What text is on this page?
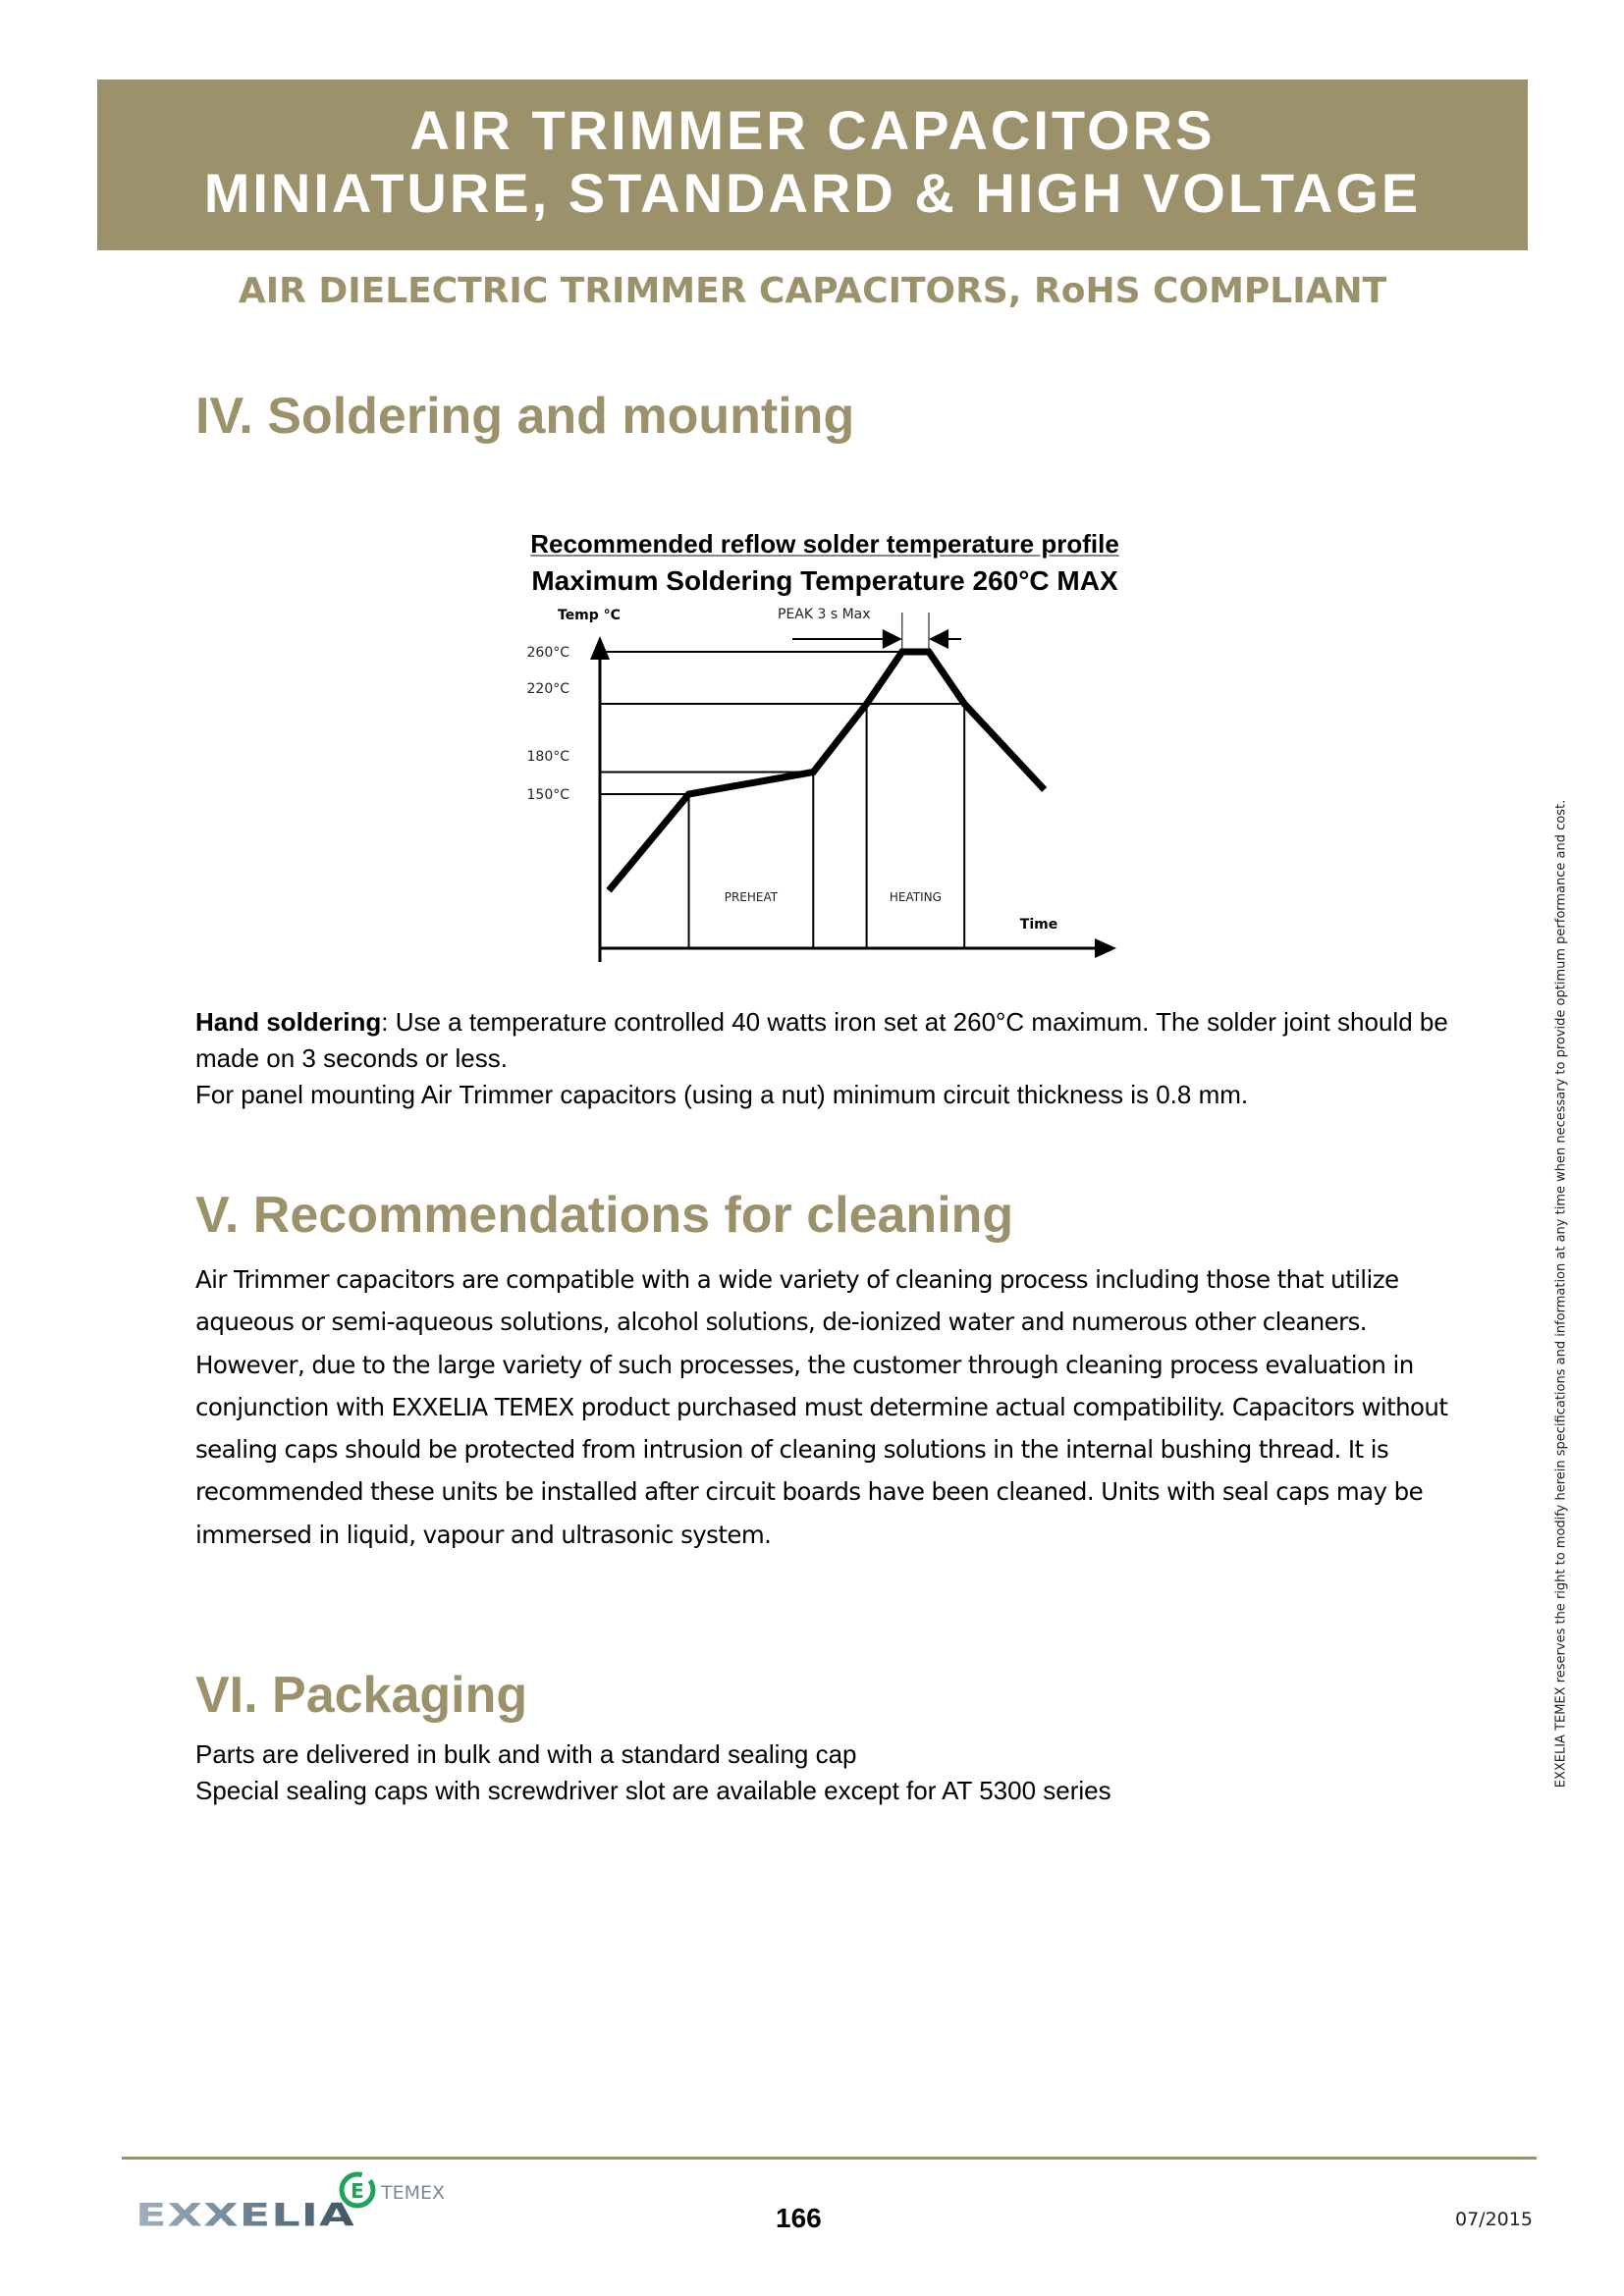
AIR TRIMMER CAPACITORS
MINIATURE, STANDARD & HIGH VOLTAGE
AIR DIELECTRIC TRIMMER CAPACITORS, RoHS COMPLIANT
IV. Soldering and mounting
Recommended reflow solder temperature profile
Maximum Soldering Temperature 260°C MAX
Temp °C
260°C
220°C
180°C
150°C
PEAK 3 s Max
PREHEAT	HEATING
Time
Hand soldering: Use a temperature controlled 40 watts iron set at 260°C maximum. The solder joint should be made on 3 seconds or less.
For panel mounting Air Trimmer capacitors (using a nut) minimum circuit thickness is 0.8 mm.
V. Recommendations for cleaning
Air Trimmer capacitors are compatible with a wide variety of cleaning process including those that utilize aqueous or semi-aqueous solutions, alcohol solutions, de-ionized water and numerous other cleaners. However, due to the large variety of such processes, the customer through cleaning process evaluation in conjunction with EXXELIA TEMEX product purchased must determine actual compatibility. Capacitors without sealing caps should be protected from intrusion of cleaning solutions in the internal bushing thread. It is recommended these units be installed after circuit boards have been cleaned. Units with seal caps may be immersed in liquid, vapour and ultrasonic system.
VI. Packaging
Parts are delivered in bulk and with a standard sealing cap
Special sealing caps with screwdriver slot are available except for AT 5300 series
EXXELIA TEMEX reserves the right to modify herein specifications and information at any time when necessary to provide optimum performance and cost.
EXXELIA
E TEMEX
166	07/2015
